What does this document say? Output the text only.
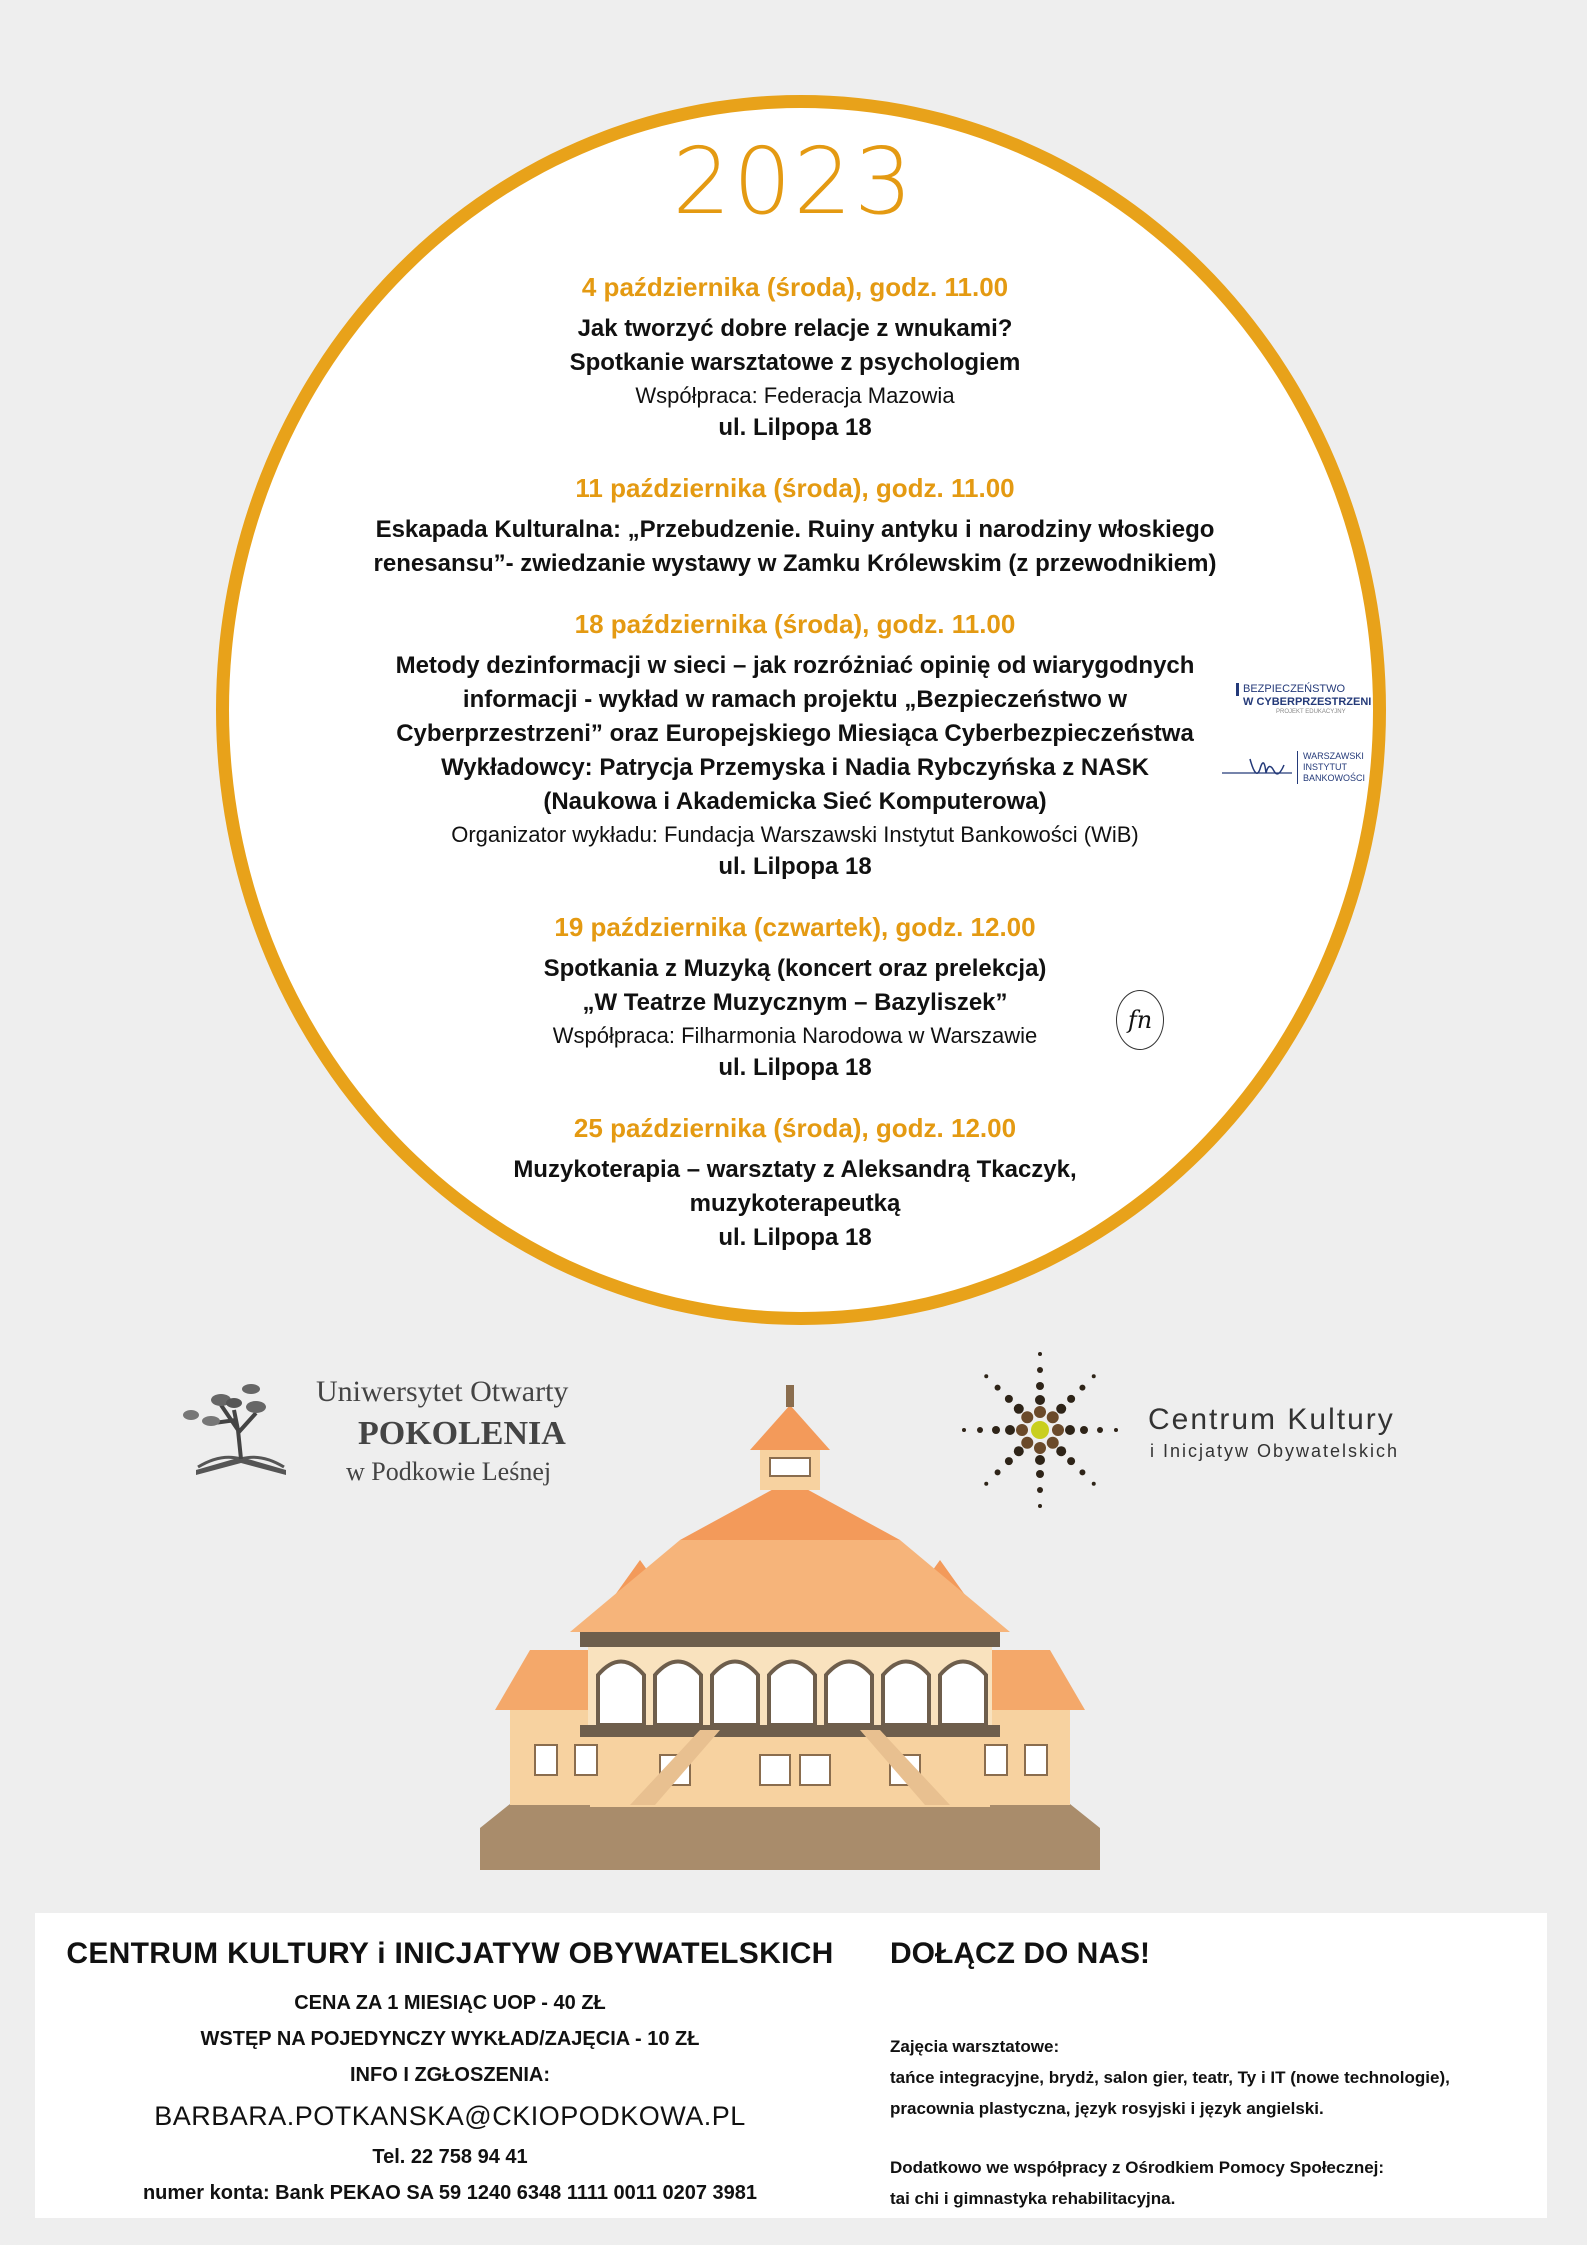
2023
4 października (środa), godz. 11.00
Jak tworzyć dobre relacje z wnukami?
Spotkanie warsztatowe z psychologiem
Współpraca: Federacja Mazowia
ul. Lilpopa 18
11 października (środa), godz. 11.00
Eskapada Kulturalna: „Przebudzenie. Ruiny antyku i narodziny włoskiego
renesansu”- zwiedzanie wystawy w Zamku Królewskim (z przewodnikiem)
18 października (środa), godz. 11.00
Metody dezinformacji w sieci – jak rozróżniać opinię od wiarygodnych
informacji - wykład w ramach projektu „Bezpieczeństwo w
Cyberprzestrzeni” oraz Europejskiego Miesiąca Cyberbezpieczeństwa
Wykładowcy: Patrycja Przemyska i Nadia Rybczyńska z NASK
(Naukowa i Akademicka Sieć Komputerowa)
Organizator wykładu: Fundacja Warszawski Instytut Bankowości (WiB)
ul. Lilpopa 18
19 października (czwartek), godz. 12.00
Spotkania z Muzyką (koncert oraz prelekcja)
„W Teatrze Muzycznym – Bazyliszek”
Współpraca: Filharmonia Narodowa w Warszawie
ul. Lilpopa 18
25 października (środa), godz. 12.00
Muzykoterapia – warsztaty z Aleksandrą Tkaczyk,
muzykoterapeutką
ul. Lilpopa 18
BEZPIECZEŃSTWO
W CYBERPRZESTRZENI
PROJEKT EDUKACYJNY
WARSZAWSKI
INSTYTUT
BANKOWOŚCI
fn
Uniwersytet Otwarty
POKOLENIA
w Podkowie Leśnej
Centrum Kultury
i Inicjatyw Obywatelskich
CENTRUM KULTURY i INICJATYW OBYWATELSKICH
CENA ZA 1 MIESIĄC UOP - 40 ZŁ
WSTĘP NA POJEDYNCZY WYKŁAD/ZAJĘCIA - 10 ZŁ
INFO I ZGŁOSZENIA:
BARBARA.POTKANSKA@CKIOPODKOWA.PL
Tel. 22 758 94 41
numer konta: Bank PEKAO SA 59 1240 6348 1111 0011 0207 3981
DOŁĄCZ DO NAS!
Zajęcia warsztatowe:
tańce integracyjne, brydż, salon gier, teatr, Ty i IT (nowe technologie),
pracownia plastyczna, język rosyjski i język angielski.
Dodatkowo we współpracy z Ośrodkiem Pomocy Społecznej:
tai chi i gimnastyka rehabilitacyjna.
